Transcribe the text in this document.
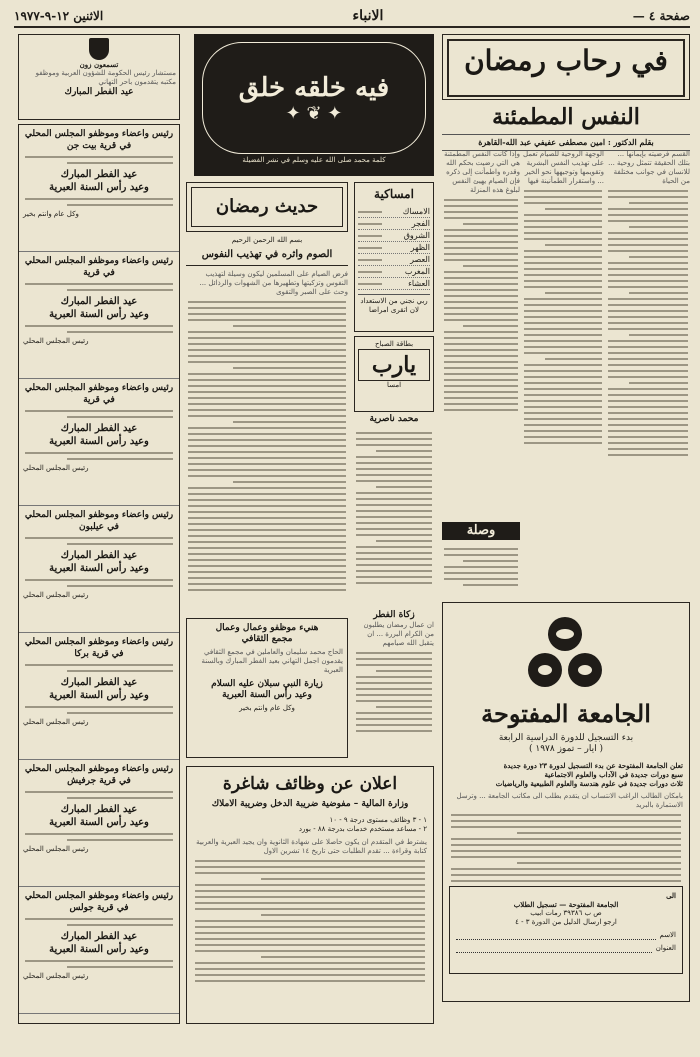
صفحة ٤ —
الانباء
الاثنين ١٢-٩-١٩٧٧
في رحاب رمضان
النفس المطمئنة
بقلم الدكتور : امين مصطفى عفيفي عبد الله-القاهرة
القسم فرضيته بإيمانها ... بتلك الحقيقة تتمثل روحية ... للانسان في جوانب مختلفة من الحياة
الوجهة الروحية للصيام تعمل على تهذيب النفس البشرية وتقويمها وتوجيهها نحو الخير ... واستقرار الطمأنينة فيها
وإذا كانت النفس المطمئنة هي التي رضيت بحكم الله وقدره واطمأنت إلى ذكره فإن الصيام يهيئ النفس لبلوغ هذه المنزلة
وصلة
الجامعة المفتوحة
بدء التسجيل للدورة الدراسية الرابعة
( ايار – تموز ١٩٧٨ )
تعلن الجامعة المفتوحة عن بدء التسجيل لدورة ٢٣ دورة جديدة
سبع دورات جديدة في الآداب والعلوم الاجتماعية
ثلاث دورات جديدة في علوم هندسة والعلوم الطبيعية والرياضيات
بامكان الطالب الراغب الانتساب ان يتقدم بطلب الى مكاتب الجامعة ... وترسل الاستمارة بالبريد
الى
الجامعة المفتوحة — تسجيل الطلاب
ص ب ٣٩٣٨٦ رمات ابيب
ارجو ارسال الدليل من الدورة ٣ - ٤
الاسم
العنوان
فيه خلقه خلق
✦ ❦ ✦
كلمة محمد صلى الله عليه وسلم في نشر الفضيلة
حديث رمضان
بسم الله الرحمن الرحيم
الصوم واثره في تهذيب النفوس
فرض الصيام على المسلمين ليكون وسيلة لتهذيب النفوس وتزكيتها وتطهيرها من الشهوات والرذائل ... وحث على الصبر والتقوى
امساكية
الامساك
الفجر
الشروق
الظهر
العصر
المغرب
العشاء
ربي نجني من الاستعداد لان اتقرى امراضا
بطاقة الصباح
يارب
امسا
محمد ناصرية
هنيء موظفو وعمال وعمال
مجمع الثقافي
الحاج محمد سليمان والعاملين في مجمع الثقافي يقدمون اجمل التهاني بعيد الفطر المبارك وبالسنة العبرية
زيارة النبي سبلان عليه السلام
وعيد رأس السنة العبرية
وكل عام وانتم بخير
زكاة الفطر
ان عمال رمضان يطلبون من الكرام البررة ... ان يتقبل الله صيامهم
اعلان عن وظائف شاغرة
وزارة المالية – مفوضية ضريبة الدخل وضريبة الاملاك
١ - ٣ وظائف مستوى درجة ٩ - ١٠
٢ - مساعد مستخدم خدمات بدرجة ٨٨ - بورد
يشترط في المتقدم ان يكون حاصلا على شهادة الثانوية وان يجيد العبرية والعربية كتابة وقراءة ... تقدم الطلبات حتى تاريخ ١٤ تشرين الاول
تسمعون زون
مستشار رئيس الحكومة للشؤون العربية وموظفو مكتبه يتقدمون باحر التهاني
عيد الفطر المبارك
رئيس واعضاء وموظفو المجلس المحلي
في قرية بيت جن
عيد الفطر المبارك
وعيد رأس السنة العبرية
وكل عام وانتم بخير
رئيس واعضاء وموظفو المجلس المحلي
في قرية
عيد الفطر المبارك
وعيد رأس السنة العبرية
رئيس المجلس المحلي
رئيس واعضاء وموظفو المجلس المحلي
في قرية
عيد الفطر المبارك
وعيد رأس السنة العبرية
رئيس المجلس المحلي
رئيس واعضاء وموظفو المجلس المحلي
في عيلبون
عيد الفطر المبارك
وعيد رأس السنة العبرية
رئيس المجلس المحلي
رئيس واعضاء وموظفو المجلس المحلي
في قرية بركا
عيد الفطر المبارك
وعيد رأس السنة العبرية
رئيس المجلس المحلي
رئيس واعضاء وموظفو المجلس المحلي
في قرية جرفيش
عيد الفطر المبارك
وعيد رأس السنة العبرية
رئيس المجلس المحلي
رئيس واعضاء وموظفو المجلس المحلي
في قرية جولس
عيد الفطر المبارك
وعيد رأس السنة العبرية
رئيس المجلس المحلي
